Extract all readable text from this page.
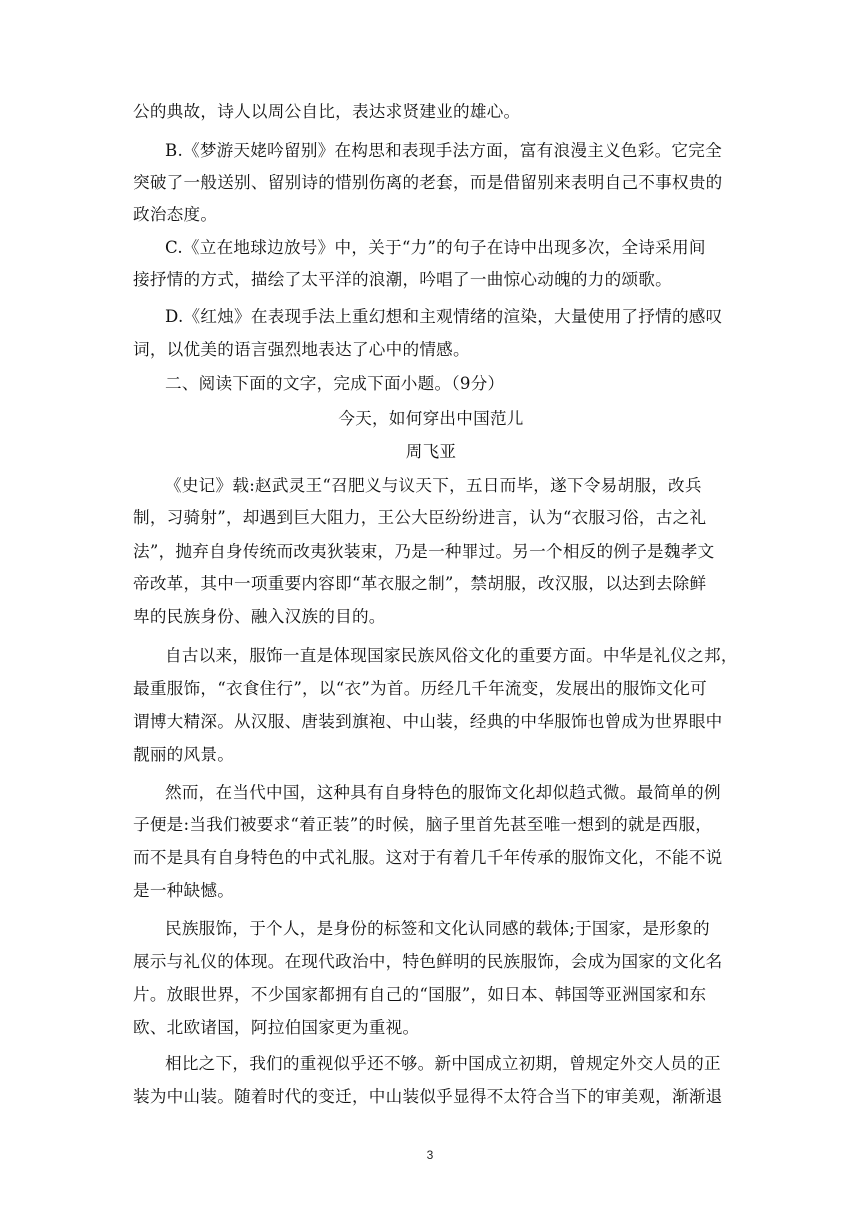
公的典故，诗人以周公自比，表达求贤建业的雄心。
B.《梦游天姥吟留别》在构思和表现手法方面，富有浪漫主义色彩。它完全
突破了一般送别、留别诗的惜别伤离的老套，而是借留别来表明自己不事权贵的
政治态度。
C.《立在地球边放号》中，关于“力”的句子在诗中出现多次，全诗采用间
接抒情的方式，描绘了太平洋的浪潮，吟唱了一曲惊心动魄的力的颂歌。
D.《红烛》在表现手法上重幻想和主观情绪的渲染，大量使用了抒情的感叹
词，以优美的语言强烈地表达了心中的情感。
二、阅读下面的文字，完成下面小题。（9分）
今天，如何穿出中国范儿
周飞亚
《史记》载:赵武灵王“召肥义与议天下，五日而毕，遂下令易胡服，改兵
制，习骑射”，却遇到巨大阻力，王公大臣纷纷进言，认为“衣服习俗，古之礼
法”，抛弃自身传统而改夷狄装束，乃是一种罪过。另一个相反的例子是魏孝文
帝改革，其中一项重要内容即“革衣服之制”，禁胡服，改汉服，以达到去除鲜
卑的民族身份、融入汉族的目的。
自古以来，服饰一直是体现国家民族风俗文化的重要方面。中华是礼仪之邦，
最重服饰，“衣食住行”，以“衣”为首。历经几千年流变，发展出的服饰文化可
谓博大精深。从汉服、唐装到旗袍、中山装，经典的中华服饰也曾成为世界眼中
靓丽的风景。
然而，在当代中国，这种具有自身特色的服饰文化却似趋式微。最简单的例
子便是:当我们被要求“着正装”的时候，脑子里首先甚至唯一想到的就是西服，
而不是具有自身特色的中式礼服。这对于有着几千年传承的服饰文化，不能不说
是一种缺憾。
民族服饰，于个人，是身份的标签和文化认同感的载体;于国家，是形象的
展示与礼仪的体现。在现代政治中，特色鲜明的民族服饰，会成为国家的文化名
片。放眼世界，不少国家都拥有自己的“国服”，如日本、韩国等亚洲国家和东
欧、北欧诸国，阿拉伯国家更为重视。
相比之下，我们的重视似乎还不够。新中国成立初期，曾规定外交人员的正
装为中山装。随着时代的变迁，中山装似乎显得不太符合当下的审美观，渐渐退
3
